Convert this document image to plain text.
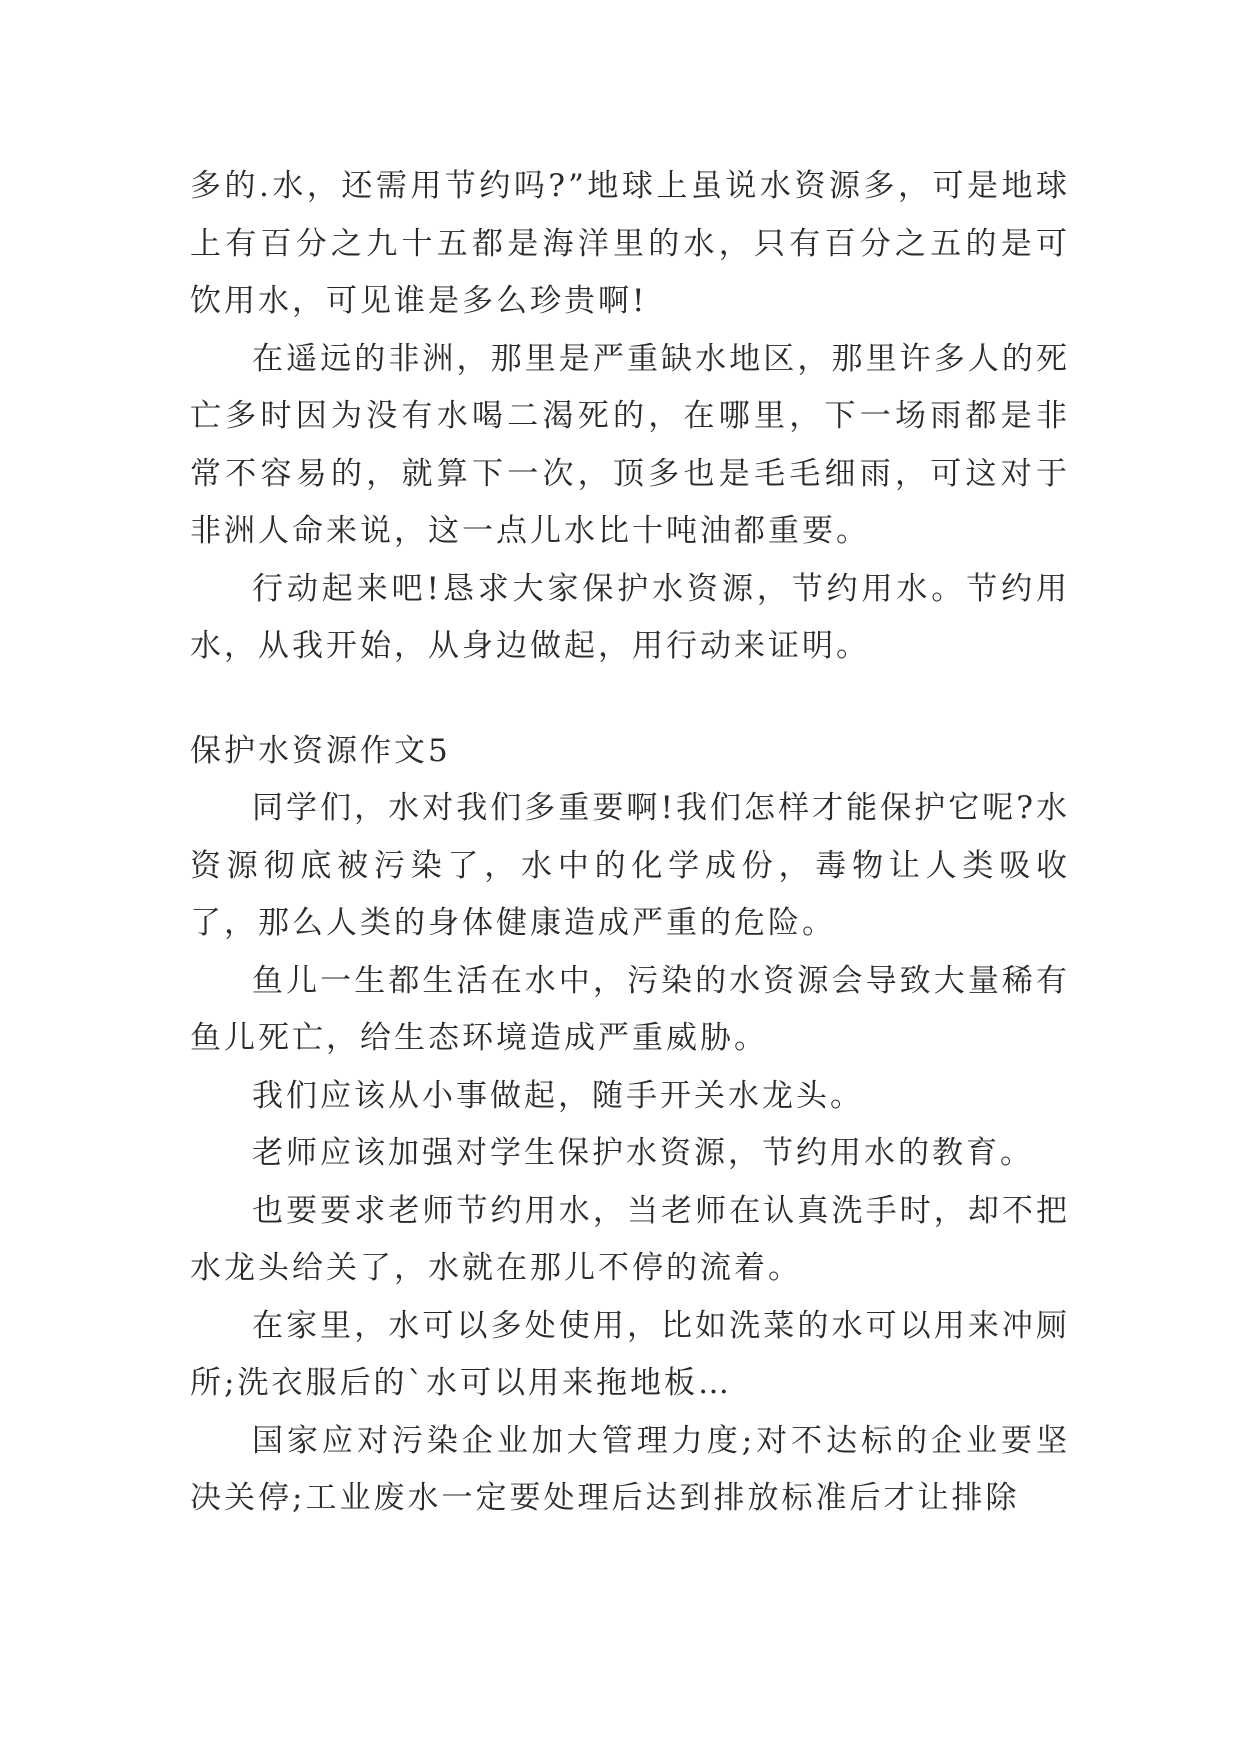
多的.水，还需用节约吗?”地球上虽说水资源多，可是地球上有百分之九十五都是海洋里的水，只有百分之五的是可饮用水，可见谁是多么珍贵啊!

在遥远的非洲，那里是严重缺水地区，那里许多人的死亡多时因为没有水喝二渴死的，在哪里，下一场雨都是非常不容易的，就算下一次，顶多也是毛毛细雨，可这对于非洲人命来说，这一点儿水比十吨油都重要。

行动起来吧!恳求大家保护水资源，节约用水。节约用水，从我开始，从身边做起，用行动来证明。

保护水资源作文5

同学们，水对我们多重要啊!我们怎样才能保护它呢?水资源彻底被污染了，水中的化学成份，毒物让人类吸收了，那么人类的身体健康造成严重的危险。

鱼儿一生都生活在水中，污染的水资源会导致大量稀有鱼儿死亡，给生态环境造成严重威胁。

我们应该从小事做起，随手开关水龙头。

老师应该加强对学生保护水资源，节约用水的教育。

也要要求老师节约用水，当老师在认真洗手时，却不把水龙头给关了，水就在那儿不停的流着。

在家里，水可以多处使用，比如洗菜的水可以用来冲厕所;洗衣服后的`水可以用来拖地板…

国家应对污染企业加大管理力度;对不达标的企业要坚决关停;工业废水一定要处理后达到排放标准后才让排除
